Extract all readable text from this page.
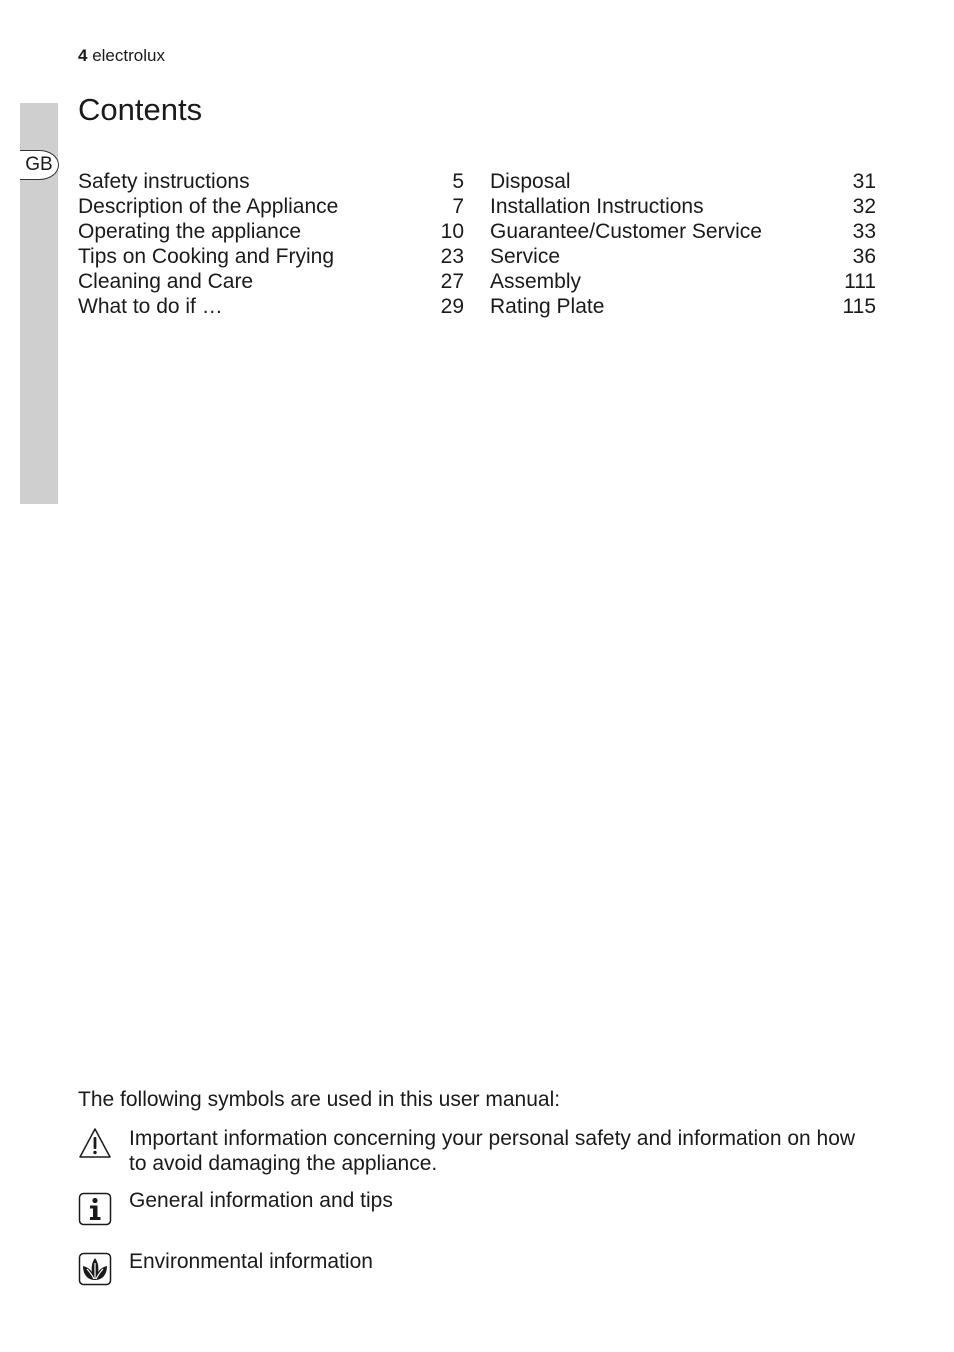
4 electrolux
GB
Contents
Safety instructions	5
Description of the Appliance	7
Operating the appliance	10
Tips on Cooking and Frying	23
Cleaning and Care	27
What to do if …	29
Disposal	31
Installation Instructions	32
Guarantee/Customer Service	33
Service	36
Assembly	111
Rating Plate	115
The following symbols are used in this user manual:
Important information concerning your personal safety and information on how to avoid damaging the appliance.
General information and tips
Environmental information
